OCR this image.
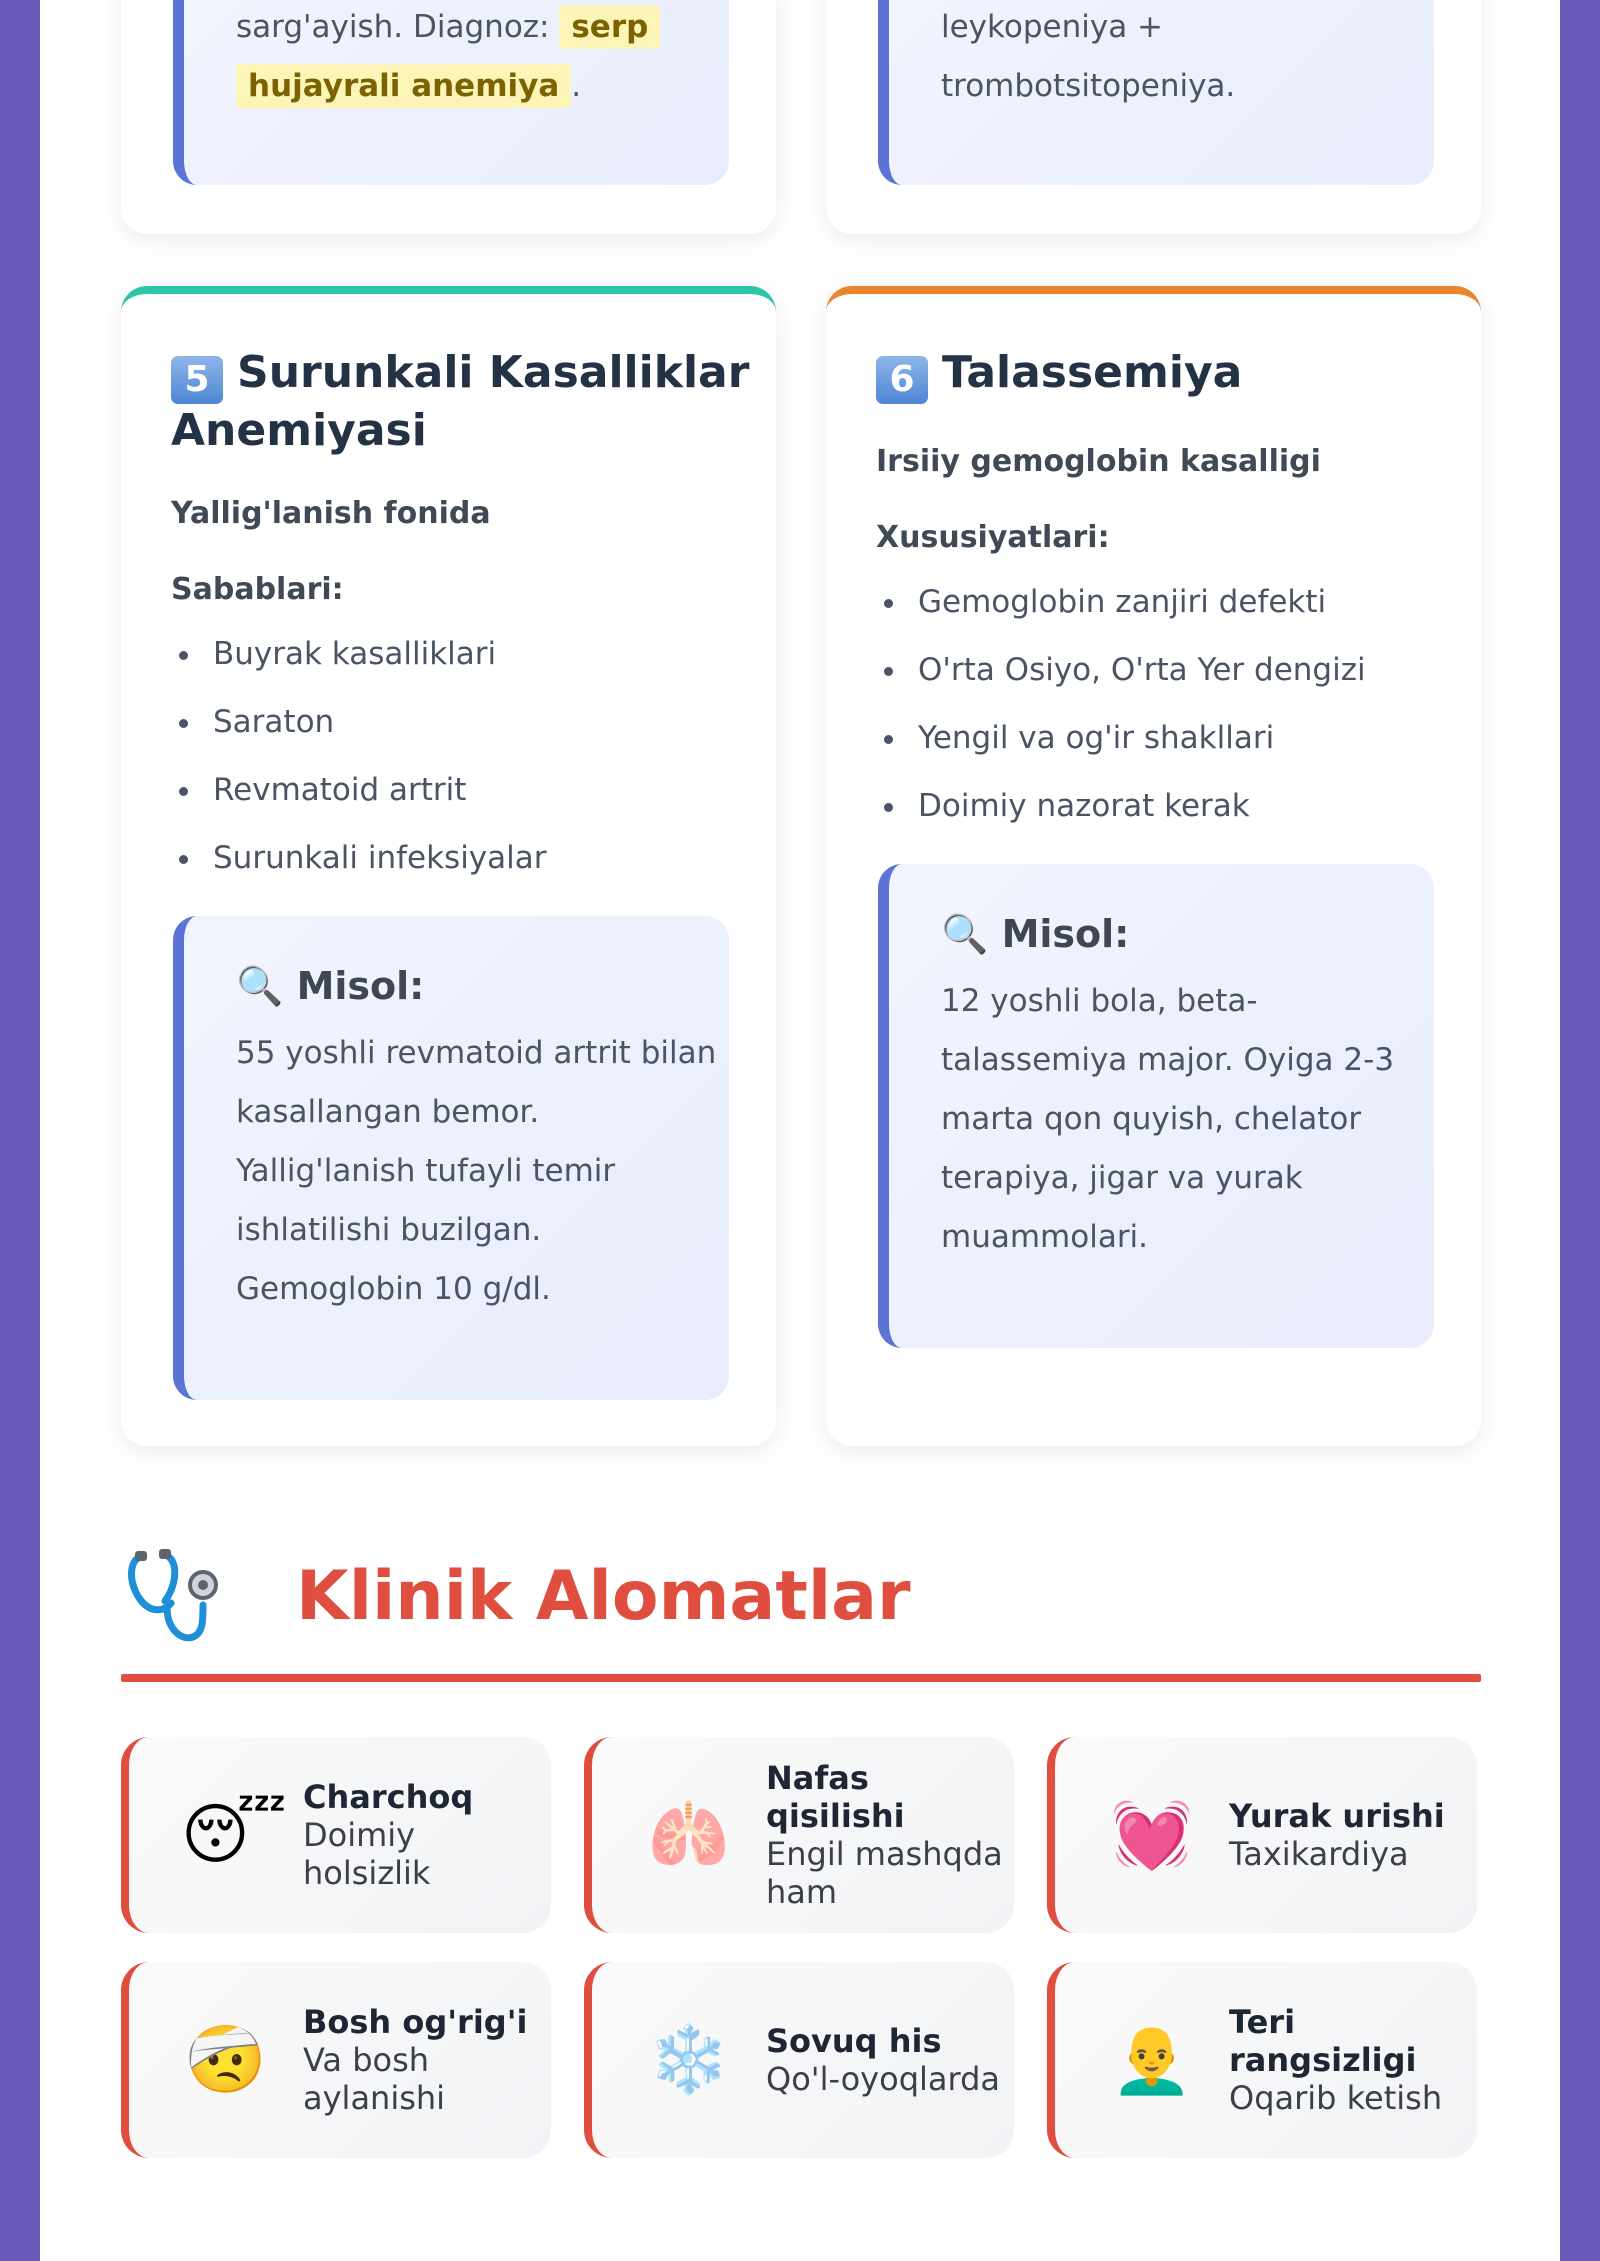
sarg'ayish. Diagnoz: serp
hujayrali anemiya .
leykopeniya +
trombotsitopeniya.
5 Surunkali Kasalliklar
Anemiyasi
Yallig'lanish fonida
Sabablari:
Buyrak kasalliklari
Saraton
Revmatoid artrit
Surunkali infeksiyalar
🔍 Misol:
55 yoshli revmatoid artrit bilan
kasallangan bemor.
Yallig'lanish tufayli temir
ishlatilishi buzilgan.
Gemoglobin 10 g/dl.
6 Talassemiya
Irsiiy gemoglobin kasalligi
Xususiyatlari:
Gemoglobin zanjiri defekti
O'rta Osiyo, O'rta Yer dengizi
Yengil va og'ir shakllari
Doimiy nazorat kerak
🔍 Misol:
12 yoshli bola, beta-
talassemiya major. Oyiga 2-3
marta qon quyish, chelator
terapiya, jigar va yurak
muammolari.
Klinik Alomatlar
😴 Charchoq
Doimiy
holsizlik	🫁
Nafas qisilishi
Engil mashqda
ham
💓 Yurak urishi
Taxikardiya
🤕 Bosh og'rig'i
Va bosh
aylanishi	❄️ Sovuq his
Qo'l-oyoqlarda 👨‍🦲 Teri rangsizligi
Oqarib ketish
